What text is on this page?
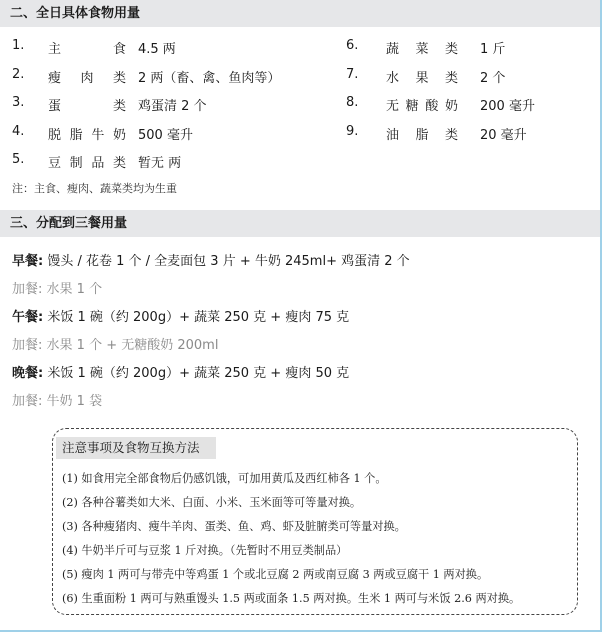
二、全日具体食物用量
1.	主	食 4.5 两
2.	瘦 肉 类 2 两（畜、禽、鱼肉等）
3.	蛋	类 鸡蛋清 2 个
4.	脱 脂 牛 奶 500 毫升
5.	豆 制 品 类 暂无 两
6.	蔬 菜 类 1 斤
7.	水 果 类 2 个
8.	无 糖 酸 奶 200 毫升
9.	油 脂 类 20 毫升
注：主食、瘦肉、蔬菜类均为生重
三、分配到三餐用量
早餐: 馒头 / 花卷 1 个 / 全麦面包 3 片 + 牛奶 245ml+ 鸡蛋清 2 个
加餐: 水果 1 个
午餐: 米饭 1 碗（约 200g）+ 蔬菜 250 克 + 瘦肉 75 克
加餐: 水果 1 个 + 无糖酸奶 200ml
晚餐: 米饭 1 碗（约 200g）+ 蔬菜 250 克 + 瘦肉 50 克
加餐: 牛奶 1 袋
注意事项及食物互换方法
(1) 如食用完全部食物后仍感饥饿，可加用黄瓜及西红柿各 1 个。
(2) 各种谷薯类如大米、白面、小米、玉米面等可等量对换。
(3) 各种瘦猪肉、瘦牛羊肉、蛋类、鱼、鸡、虾及脏腑类可等量对换。
(4) 牛奶半斤可与豆浆 1 斤对换。（先暂时不用豆类制品）
(5) 瘦肉 1 两可与带壳中等鸡蛋 1 个或北豆腐 2 两或南豆腐 3 两或豆腐干 1 两对换。
(6) 生重面粉 1 两可与熟重馒头 1.5 两或面条 1.5 两对换。生米 1 两可与米饭 2.6 两对换。
